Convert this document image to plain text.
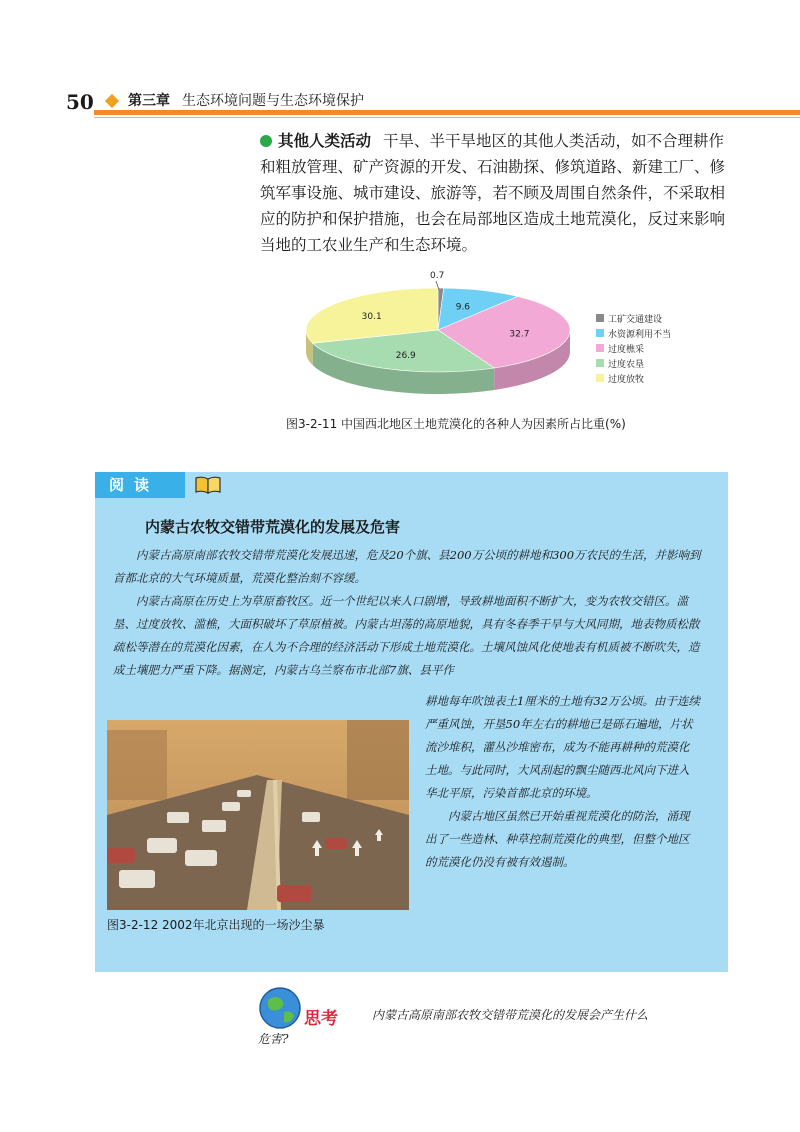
50 第三章 生态环境问题与生态环境保护
其他人类活动 干旱、半干旱地区的其他人类活动，如不合理耕作和粗放管理、矿产资源的开发、石油勘探、修筑道路、新建工厂、修筑军事设施、城市建设、旅游等，若不顾及周围自然条件，不采取相应的防护和保护措施，也会在局部地区造成土地荒漠化，反过来影响当地的工农业生产和生态环境。
0.7
9.6
32.7
26.9
30.1	工矿交通建设
水资源利用不当
过度樵采
过度农垦
过度放牧
图3-2-11 中国西北地区土地荒漠化的各种人为因素所占比重(%)
阅读
内蒙古农牧交错带荒漠化的发展及危害

内蒙古高原南部农牧交错带荒漠化发展迅速，危及20个旗、县200万公顷的耕地和300万农民的生活，并影响到首都北京的大气环境质量，荒漠化整治刻不容缓。

内蒙古高原在历史上为草原畜牧区。近一个世纪以来人口剧增，导致耕地面积不断扩大，变为农牧交错区。滥垦、过度放牧、滥樵，大面积破坏了草原植被。内蒙古坦荡的高原地貌，具有冬春季干旱与大风同期，地表物质松散疏松等潜在的荒漠化因素，在人为不合理的经济活动下形成土地荒漠化。土壤风蚀风化使地表有机质被不断吹失，造成土壤肥力严重下降。据测定，内蒙古乌兰察布市北部7旗、县平作

耕地每年吹蚀表土1厘米的土地有32万公顷。由于连续严重风蚀，开垦50年左右的耕地已是砾石遍地，片状流沙堆积，灌丛沙堆密布，成为不能再耕种的荒漠化土地。与此同时，大风刮起的飘尘随西北风向下进入华北平原，污染首都北京的环境。

内蒙古地区虽然已开始重视荒漠化的防治，涌现出了一些造林、种草控制荒漠化的典型，但整个地区的荒漠化仍没有被有效遏制。

图3-2-12 2002年北京出现的一场沙尘暴
思考	内蒙古高原南部农牧交错带荒漠化的发展会产生什么
危害?
